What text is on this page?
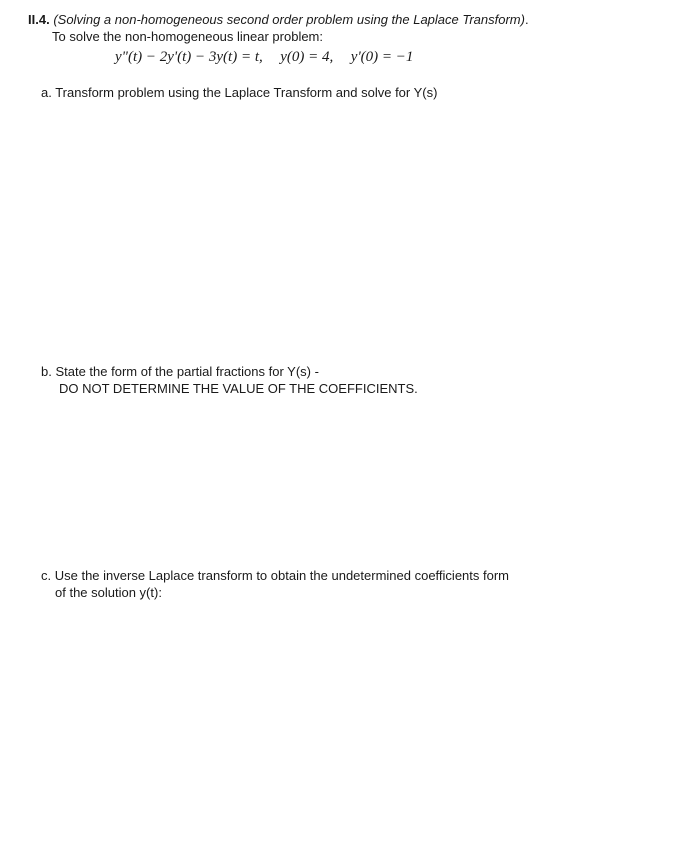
II.4. (Solving a non-homogeneous second order problem using the Laplace Transform).
To solve the non-homogeneous linear problem:
y"(t) − 2y'(t) − 3y(t) = t, y(0) = 4, y'(0) = −1
a. Transform problem using the Laplace Transform and solve for Y(s)
b. State the form of the partial fractions for Y(s) -
DO NOT DETERMINE THE VALUE OF THE COEFFICIENTS.
c. Use the inverse Laplace transform to obtain the undetermined coefficients form
of the solution y(t):
